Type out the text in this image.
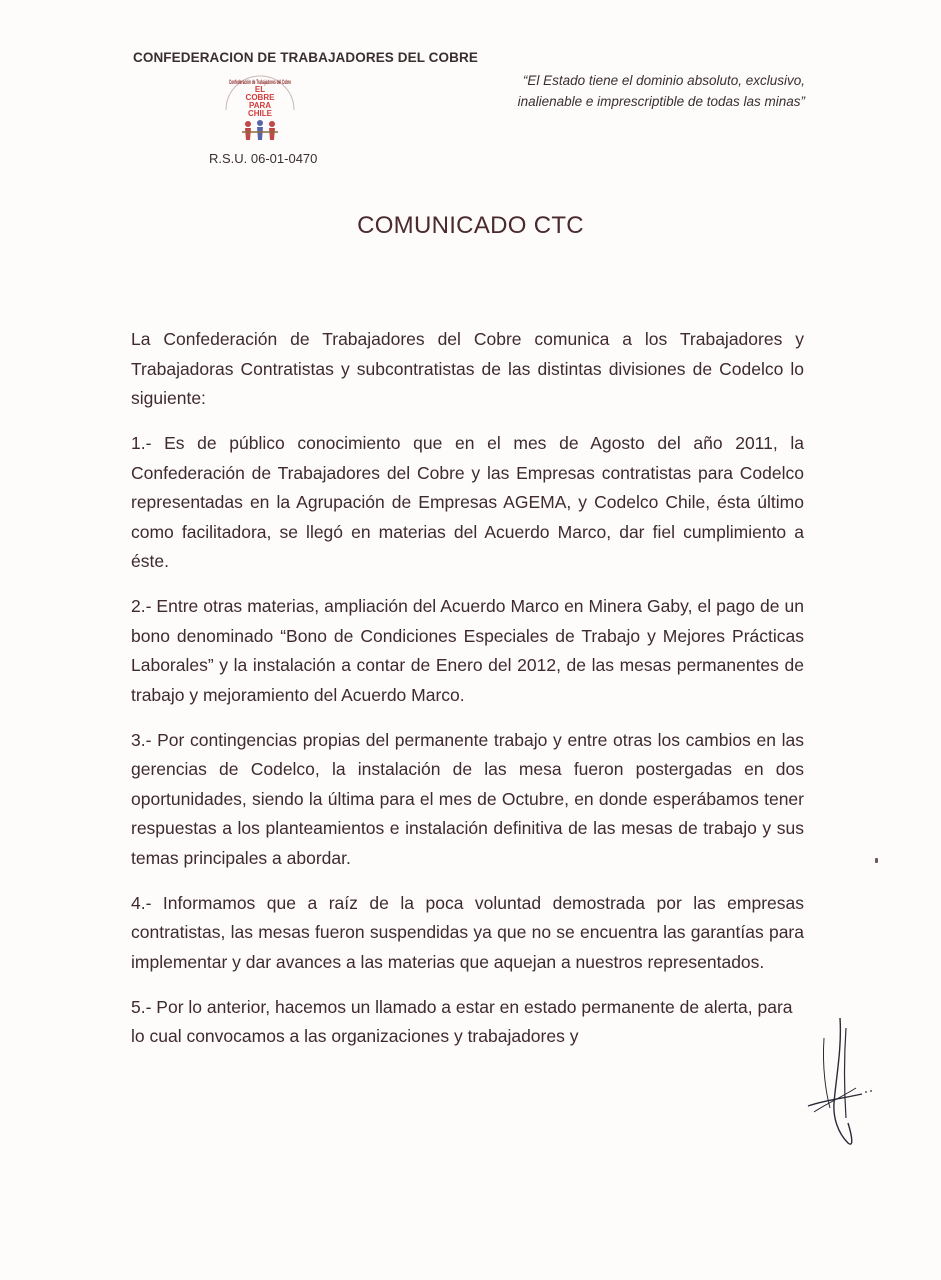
CONFEDERACION DE TRABAJADORES DEL COBRE
Confederación de Trabajadores del Cobre
EL
COBRE
PARA
CHILE
R.S.U. 06-01-0470
“El Estado tiene el dominio absoluto, exclusivo,
inalienable e imprescriptible de todas las minas”
COMUNICADO CTC

La Confederación de Trabajadores del Cobre comunica a los Trabajadores y Trabajadoras Contratistas y subcontratistas de las distintas divisiones de Codelco lo siguiente:

1.- Es de público conocimiento que en el mes de Agosto del año 2011, la Confederación de Trabajadores del Cobre y las Empresas contratistas para Codelco representadas en la Agrupación de Empresas AGEMA, y Codelco Chile, ésta último como facilitadora, se llegó en materias del Acuerdo Marco, dar fiel cumplimiento a éste.

2.- Entre otras materias, ampliación del Acuerdo Marco en Minera Gaby, el pago de un bono denominado “Bono de Condiciones Especiales de Trabajo y Mejores Prácticas Laborales” y la instalación a contar de Enero del 2012, de las mesas permanentes de trabajo y mejoramiento del Acuerdo Marco.

3.- Por contingencias propias del permanente trabajo y entre otras los cambios en las gerencias de Codelco, la instalación de las mesa fueron postergadas en dos oportunidades, siendo la última para el mes de Octubre, en donde esperábamos tener respuestas a los planteamientos e instalación definitiva de las mesas de trabajo y sus temas principales a abordar.

4.- Informamos que a raíz de la poca voluntad demostrada por las empresas contratistas, las mesas fueron suspendidas ya que no se encuentra las garantías para implementar y dar avances a las materias que aquejan a nuestros representados.

5.- Por lo anterior, hacemos un llamado a estar en estado permanente de alerta, para lo cual convocamos a las organizaciones y trabajadores y
